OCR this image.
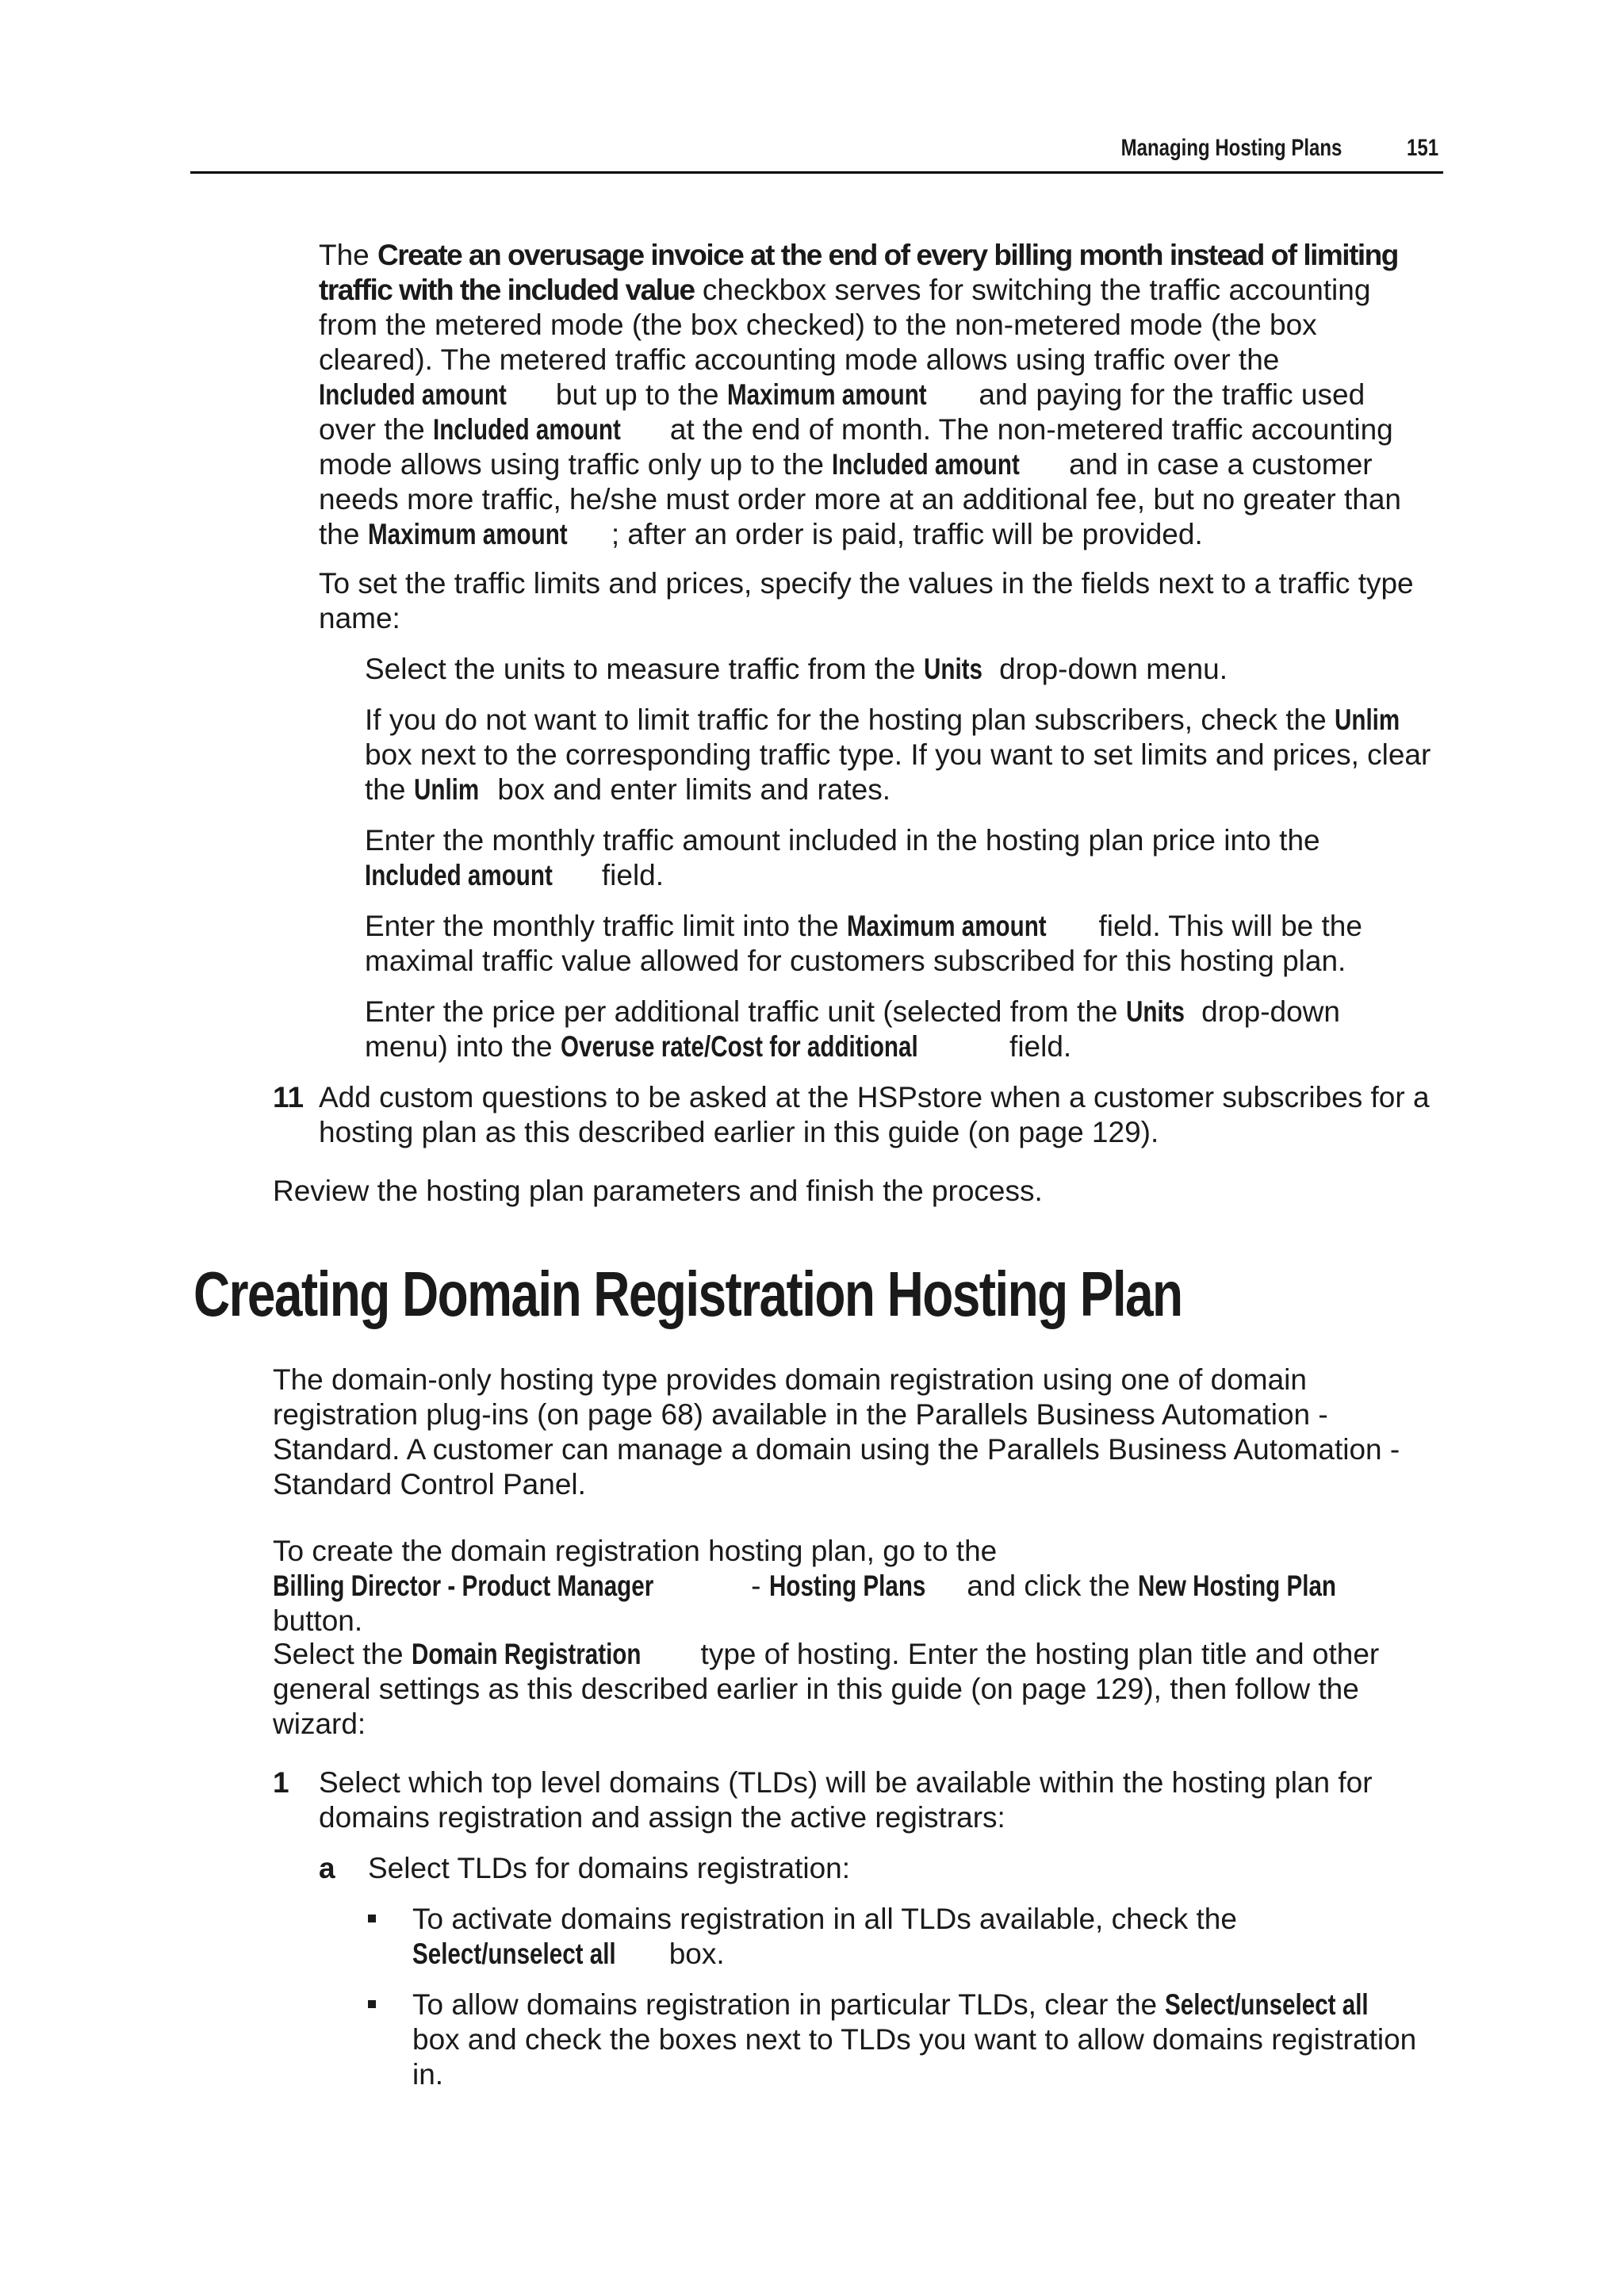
Managing Hosting Plans	151

The Create an overusage invoice at the end of every billing month instead of limiting traffic with the included value checkbox serves for switching the traffic accounting from the metered mode (the box checked) to the non-metered mode (the box cleared). The metered traffic accounting mode allows using traffic over the Included amount but up to the Maximum amount and paying for the traffic used over the Included amount at the end of month. The non-metered traffic accounting mode allows using traffic only up to the Included amount and in case a customer needs more traffic, he/she must order more at an additional fee, but no greater than the Maximum amount ; after an order is paid, traffic will be provided.

To set the traffic limits and prices, specify the values in the fields next to a traffic type name:

Select the units to measure traffic from the Units drop-down menu.

If you do not want to limit traffic for the hosting plan subscribers, check the Unlim box next to the corresponding traffic type. If you want to set limits and prices, clear the Unlim box and enter limits and rates.

Enter the monthly traffic amount included in the hosting plan price into the Included amount field.

Enter the monthly traffic limit into the Maximum amount field. This will be the maximal traffic value allowed for customers subscribed for this hosting plan.

Enter the price per additional traffic unit (selected from the Units drop-down menu) into the Overuse rate/Cost for additional	field.

11 Add custom questions to be asked at the HSPstore when a customer subscribes for a hosting plan as this described earlier in this guide (on page 129).

Review the hosting plan parameters and finish the process.

Creating Domain Registration Hosting Plan

The domain-only hosting type provides domain registration using one of domain registration plug-ins (on page 68) available in the Parallels Business Automation - Standard. A customer can manage a domain using the Parallels Business Automation - Standard Control Panel.

To create the domain registration hosting plan, go to the Billing Director - Product Manager	- Hosting Plans and click the New Hosting Plan button.

Select the Domain Registration type of hosting. Enter the hosting plan title and other general settings as this described earlier in this guide (on page 129), then follow the wizard:

1 Select which top level domains (TLDs) will be available within the hosting plan for domains registration and assign the active registrars:

a Select TLDs for domains registration:

To activate domains registration in all TLDs available, check the Select/unselect all box.

To allow domains registration in particular TLDs, clear the Select/unselect all box and check the boxes next to TLDs you want to allow domains registration in.
